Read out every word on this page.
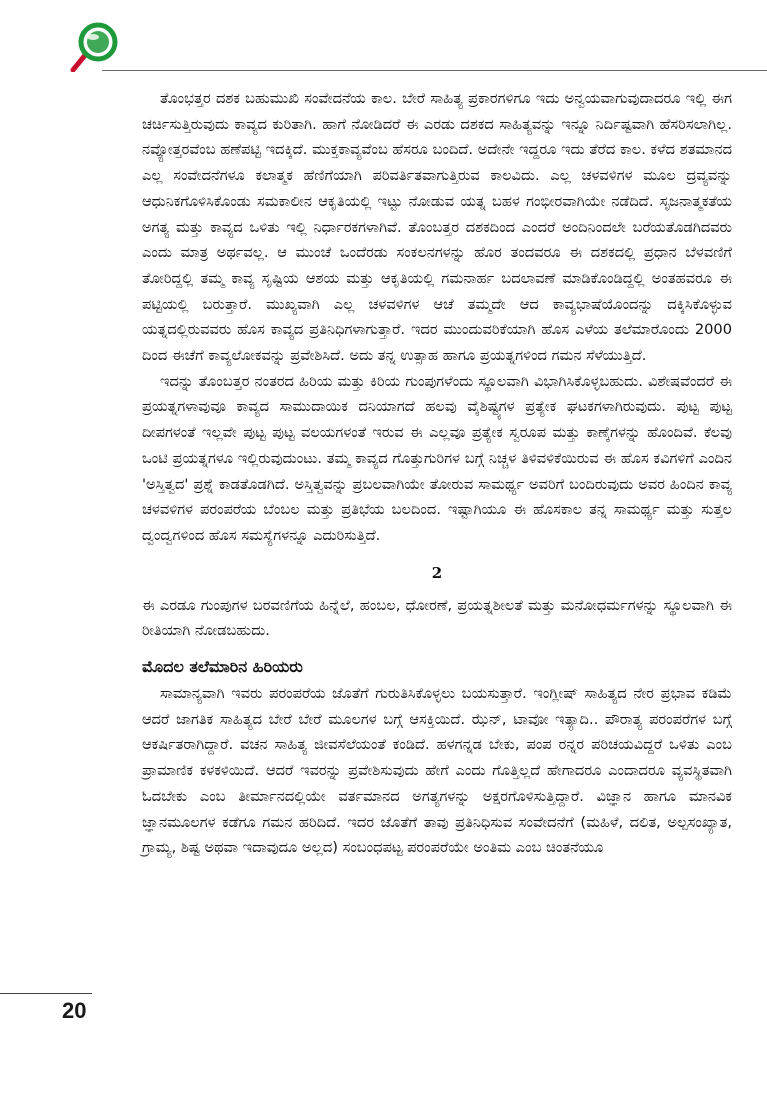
ತೊಂಭತ್ತರ ದಶಕ ಬಹುಮುಖಿ ಸಂವೇದನೆಯ ಕಾಲ. ಬೇರೆ ಸಾಹಿತ್ಯ ಪ್ರಕಾರಗಳಿಗೂ ಇದು ಅನ್ವಯವಾಗುವುದಾದರೂ ಇಲ್ಲಿ ಈಗ ಚರ್ಚಿಸುತ್ತಿರುವುದು ಕಾವ್ಯದ ಕುರಿತಾಗಿ. ಹಾಗೆ ನೋಡಿದರೆ ಈ ಎರಡು ದಶಕದ ಸಾಹಿತ್ಯವನ್ನು ಇನ್ನೂ ನಿರ್ದಿಷ್ಟವಾಗಿ ಹೆಸರಿಸಲಾಗಿಲ್ಲ. ನವ್ಯೋತ್ತರವೆಂಬ ಹಣೆಪಟ್ಟಿ ಇದಕ್ಕಿದೆ. ಮುಕ್ತಕಾವ್ಯವೆಂಬ ಹೆಸರೂ ಬಂದಿದೆ. ಅದೇನೇ ಇದ್ದರೂ ಇದು ತೆರೆದ ಕಾಲ. ಕಳೆದ ಶತಮಾನದ ಎಲ್ಲ ಸಂವೇದನೆಗಳೂ ಕಲಾತ್ಮಕ ಹೆಣಿಗೆಯಾಗಿ ಪರಿವರ್ತಿತವಾಗುತ್ತಿರುವ ಕಾಲವಿದು. ಎಲ್ಲ ಚಳವಳಿಗಳ ಮೂಲ ದ್ರವ್ಯವನ್ನು ಆಧುನಿಕಗೊಳಿಸಿಕೊಂಡು ಸಮಕಾಲೀನ ಆಕೃತಿಯಲ್ಲಿ ಇಟ್ಟು ನೋಡುವ ಯತ್ನ ಬಹಳ ಗಂಭೀರವಾಗಿಯೇ ನಡೆದಿದೆ. ಸೃಜನಾತ್ಮಕತೆಯ ಅಗತ್ಯ ಮತ್ತು ಕಾವ್ಯದ ಒಳಿತು ಇಲ್ಲಿ ನಿರ್ಧಾರಕಗಳಾಗಿವೆ. ತೊಂಬತ್ತರ ದಶಕದಿಂದ ಎಂದರೆ ಅಂದಿನಿಂದಲೇ ಬರೆಯತೊಡಗಿದವರು ಎಂದು ಮಾತ್ರ ಅರ್ಥವಲ್ಲ. ಆ ಮುಂಚೆ ಒಂದೆರಡು ಸಂಕಲನಗಳನ್ನು ಹೊರ ತಂದವರೂ ಈ ದಶಕದಲ್ಲಿ ಪ್ರಧಾನ ಬೆಳವಣಿಗೆ ತೋರಿದ್ದಲ್ಲಿ ತಮ್ಮ ಕಾವ್ಯ ಸೃಷ್ಟಿಯ ಆಶಯ ಮತ್ತು ಆಕೃತಿಯಲ್ಲಿ ಗಮನಾರ್ಹ ಬದಲಾವಣೆ ಮಾಡಿಕೊಂಡಿದ್ದಲ್ಲಿ ಅಂತಹವರೂ ಈ ಪಟ್ಟಿಯಲ್ಲಿ ಬರುತ್ತಾರೆ. ಮುಖ್ಯವಾಗಿ ಎಲ್ಲ ಚಳವಳಿಗಳ ಆಚೆ ತಮ್ಮದೇ ಆದ ಕಾವ್ಯಭಾಷೆಯೊಂದನ್ನು ದಕ್ಕಿಸಿಕೊಳ್ಳುವ ಯತ್ನದಲ್ಲಿರುವವರು ಹೊಸ ಕಾವ್ಯದ ಪ್ರತಿನಿಧಿಗಳಾಗುತ್ತಾರೆ. ಇದರ ಮುಂದುವರಿಕೆಯಾಗಿ ಹೊಸ ಎಳೆಯ ತಲೆಮಾರೊಂದು 2000 ದಿಂದ ಈಚೆಗೆ ಕಾವ್ಯಲೋಕವನ್ನು ಪ್ರವೇಶಿಸಿದೆ. ಅದು ತನ್ನ ಉತ್ಸಾಹ ಹಾಗೂ ಪ್ರಯತ್ನಗಳಿಂದ ಗಮನ ಸೆಳೆಯುತ್ತಿದೆ.

ಇದನ್ನು ತೊಂಬತ್ತರ ನಂತರದ ಹಿರಿಯ ಮತ್ತು ಕಿರಿಯ ಗುಂಪುಗಳೆಂದು ಸ್ಥೂಲವಾಗಿ ವಿಭಾಗಿಸಿಕೊಳ್ಳಬಹುದು. ವಿಶೇಷವೆಂದರೆ ಈ ಪ್ರಯತ್ನಗಳಾವುವೂ ಕಾವ್ಯದ ಸಾಮುದಾಯಿಕ ದನಿಯಾಗದೆ ಹಲವು ವೈಶಿಷ್ಟ್ಯಗಳ ಪ್ರತ್ಯೇಕ ಘಟಕಗಳಾಗಿರುವುದು. ಪುಟ್ಟ ಪುಟ್ಟ ದೀಪಗಳಂತೆ ಇಲ್ಲವೇ ಪುಟ್ಟ ಪುಟ್ಟ ವಲಯಗಳಂತೆ ಇರುವ ಈ ಎಲ್ಲವೂ ಪ್ರತ್ಯೇಕ ಸ್ವರೂಪ ಮತ್ತು ಕಾಣ್ಕೆಗಳನ್ನು ಹೊಂದಿವೆ. ಕೆಲವು ಒಂಟಿ ಪ್ರಯತ್ನಗಳೂ ಇಲ್ಲಿರುವುದುಂಟು. ತಮ್ಮ ಕಾವ್ಯದ ಗೊತ್ತುಗುರಿಗಳ ಬಗ್ಗೆ ನಿಚ್ಚಳ ತಿಳಿವಳಿಕೆಯಿರುವ ಈ ಹೊಸ ಕವಿಗಳಿಗೆ ಎಂದಿನ 'ಅಸ್ತಿತ್ವದ' ಪ್ರಶ್ನೆ ಕಾಡತೊಡಗಿದೆ. ಅಸ್ತಿತ್ವವನ್ನು ಪ್ರಬಲವಾಗಿಯೇ ತೋರುವ ಸಾಮರ್ಥ್ಯ ಅವರಿಗೆ ಬಂದಿರುವುದು ಅವರ ಹಿಂದಿನ ಕಾವ್ಯ ಚಳವಳಿಗಳ ಪರಂಪರೆಯ ಬೆಂಬಲ ಮತ್ತು ಪ್ರತಿಭೆಯ ಬಲದಿಂದ. ಇಷ್ಟಾಗಿಯೂ ಈ ಹೊಸಕಾಲ ತನ್ನ ಸಾಮರ್ಥ್ಯ ಮತ್ತು ಸುತ್ತಲ ದ್ವಂದ್ವಗಳಿಂದ ಹೊಸ ಸಮಸ್ಯೆಗಳನ್ನೂ ಎದುರಿಸುತ್ತಿದೆ.

2

ಈ ಎರಡೂ ಗುಂಪುಗಳ ಬರವಣಿಗೆಯ ಹಿನ್ನೆಲೆ, ಹಂಬಲ, ಧೋರಣೆ, ಪ್ರಯತ್ನಶೀಲತೆ ಮತ್ತು ಮನೋಧರ್ಮಗಳನ್ನು ಸ್ಥೂಲವಾಗಿ ಈ ರೀತಿಯಾಗಿ ನೋಡಬಹುದು.

ಮೊದಲ ತಲೆಮಾರಿನ ಹಿರಿಯರು

ಸಾಮಾನ್ಯವಾಗಿ ಇವರು ಪರಂಪರೆಯ ಜೊತೆಗೆ ಗುರುತಿಸಿಕೊಳ್ಳಲು ಬಯಸುತ್ತಾರೆ. ಇಂಗ್ಲೀಷ್ ಸಾಹಿತ್ಯದ ನೇರ ಪ್ರಭಾವ ಕಡಿಮೆ ಆದರೆ ಜಾಗತಿಕ ಸಾಹಿತ್ಯದ ಬೇರೆ ಬೇರೆ ಮೂಲಗಳ ಬಗ್ಗೆ ಆಸಕ್ತಿಯಿದೆ. ಝೆನ್, ಟಾವೋ ಇತ್ಯಾದಿ.. ಪೌರಾತ್ಯ ಪರಂಪರೆಗಳ ಬಗ್ಗೆ ಆಕರ್ಷಿತರಾಗಿದ್ದಾರೆ. ವಚನ ಸಾಹಿತ್ಯ ಜೀವಸೆಲೆಯಂತೆ ಕಂಡಿದೆ. ಹಳಗನ್ನಡ ಬೇಕು, ಪಂಪ ರನ್ನರ ಪರಿಚಯವಿದ್ದರೆ ಒಳಿತು ಎಂಬ ಪ್ರಾಮಾಣಿಕ ಕಳಕಳಿಯಿದೆ. ಆದರೆ ಇವರನ್ನು ಪ್ರವೇಶಿಸುವುದು ಹೇಗೆ ಎಂದು ಗೊತ್ತಿಲ್ಲದೆ ಹೇಗಾದರೂ ಎಂದಾದರೂ ವ್ಯವಸ್ಥಿತವಾಗಿ ಓದಬೇಕು ಎಂಬ ತೀರ್ಮಾನದಲ್ಲಿಯೇ ವರ್ತಮಾನದ ಅಗತ್ಯಗಳನ್ನು ಅಕ್ಷರಗೊಳಿಸುತ್ತಿದ್ದಾರೆ. ವಿಜ್ಞಾನ ಹಾಗೂ ಮಾನವಿಕ ಜ್ಞಾನಮೂಲಗಳ ಕಡೆಗೂ ಗಮನ ಹರಿದಿದೆ. ಇದರ ಜೊತೆಗೆ ತಾವು ಪ್ರತಿನಿಧಿಸುವ ಸಂವೇದನೆಗೆ (ಮಹಿಳೆ, ದಲಿತ, ಅಲ್ಪಸಂಖ್ಯಾತ, ಗ್ರಾಮ್ಯ, ಶಿಷ್ಟ ಅಥವಾ ಇದಾವುದೂ ಅಲ್ಲದ) ಸಂಬಂಧಪಟ್ಟ ಪರಂಪರೆಯೇ ಅಂತಿಮ ಎಂಬ ಚಿಂತನೆಯೂ

20
